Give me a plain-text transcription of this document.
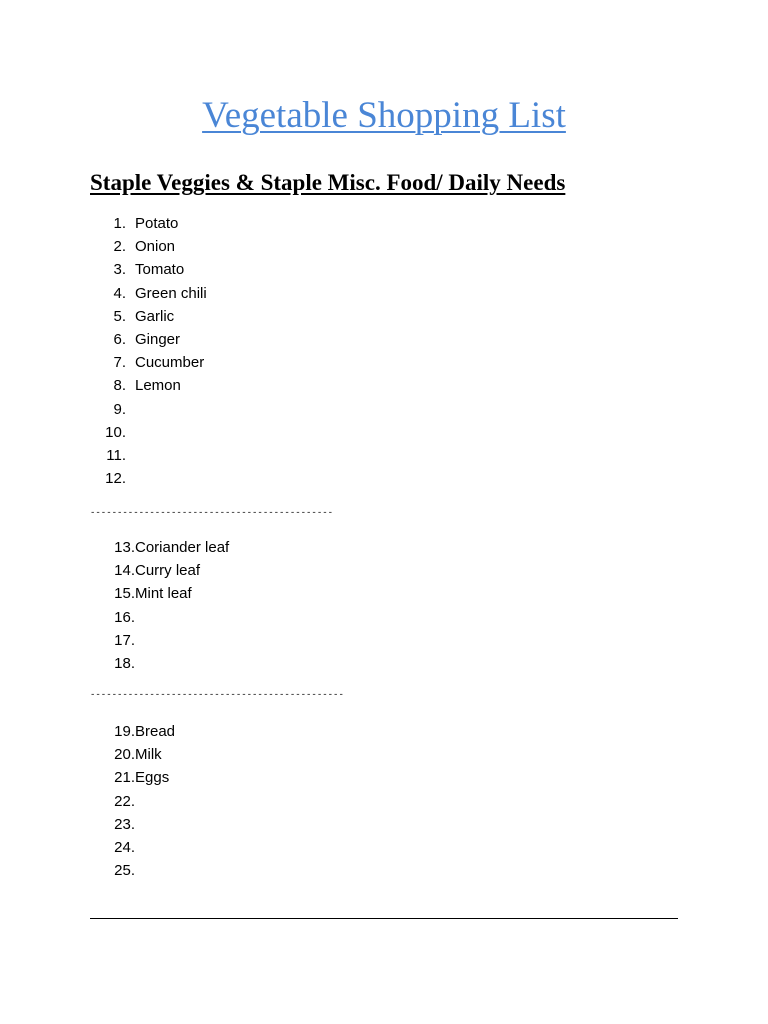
Vegetable Shopping List
Staple Veggies & Staple Misc. Food/ Daily Needs
1. Potato
2. Onion
3. Tomato
4. Green chili
5. Garlic
6. Ginger
7. Cucumber
8. Lemon
9.
10.
11.
12.
---------------------------------------------
13. Coriander leaf
14. Curry leaf
15. Mint leaf
16.
17.
18.
-----------------------------------------------
19. Bread
20. Milk
21. Eggs
22.
23.
24.
25.
